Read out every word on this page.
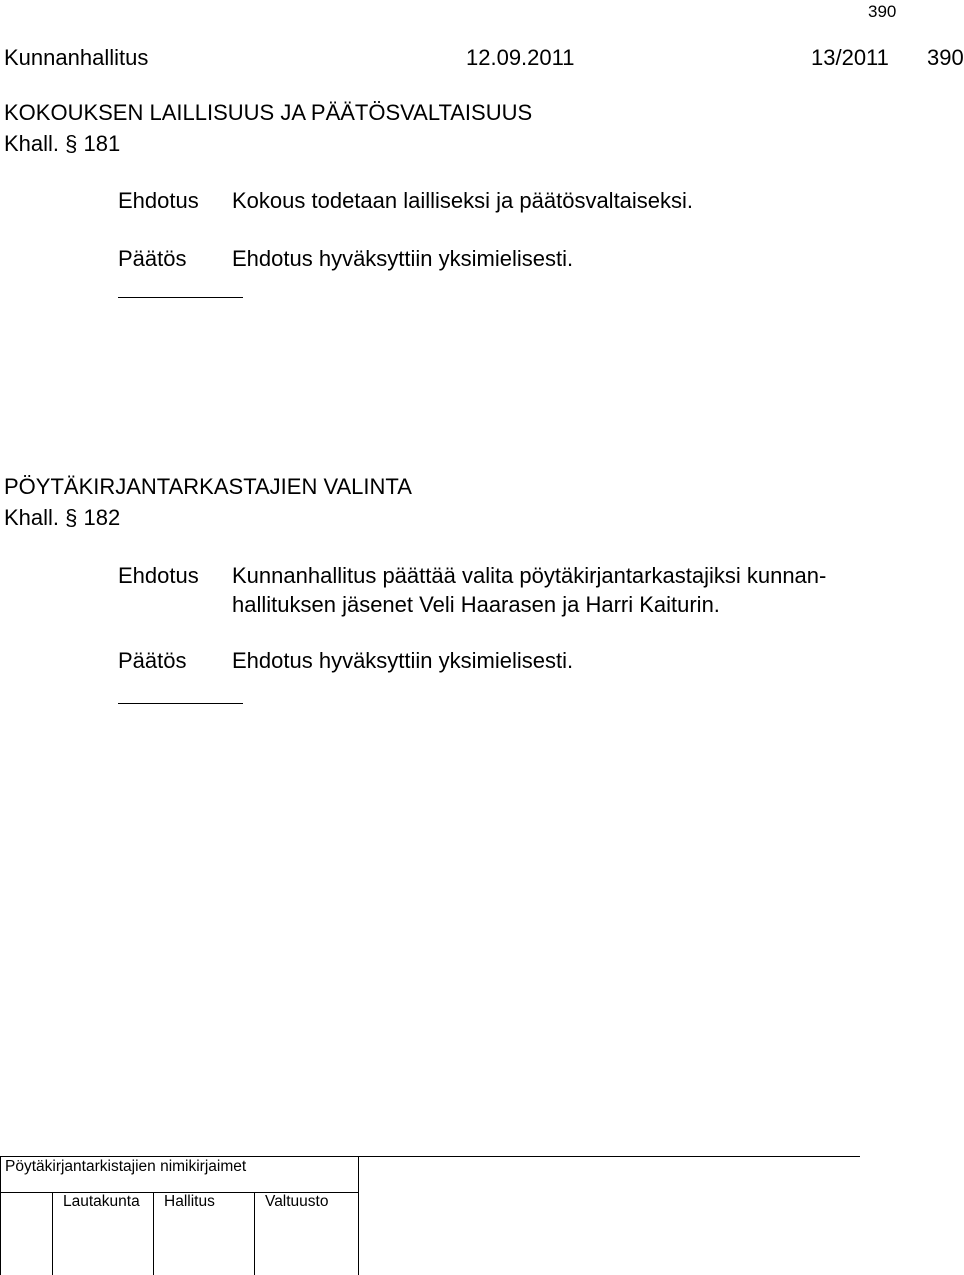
390
Kunnanhallitus	12.09.2011	13/2011 390
KOKOUKSEN LAILLISUUS JA PÄÄTÖSVALTAISUUS
Khall. § 181
Ehdotus Kokous todetaan lailliseksi ja päätösvaltaiseksi.
Päätös Ehdotus hyväksyttiin yksimielisesti.
PÖYTÄKIRJANTARKASTAJIEN VALINTA
Khall. § 182
Ehdotus Kunnanhallitus päättää valita pöytäkirjantarkastajiksi kunnan-
hallituksen jäsenet Veli Haarasen ja Harri Kaiturin.
Päätös Ehdotus hyväksyttiin yksimielisesti.
Pöytäkirjantarkistajien nimikirjaimet
Lautakunta Hallitus	Valtuusto
